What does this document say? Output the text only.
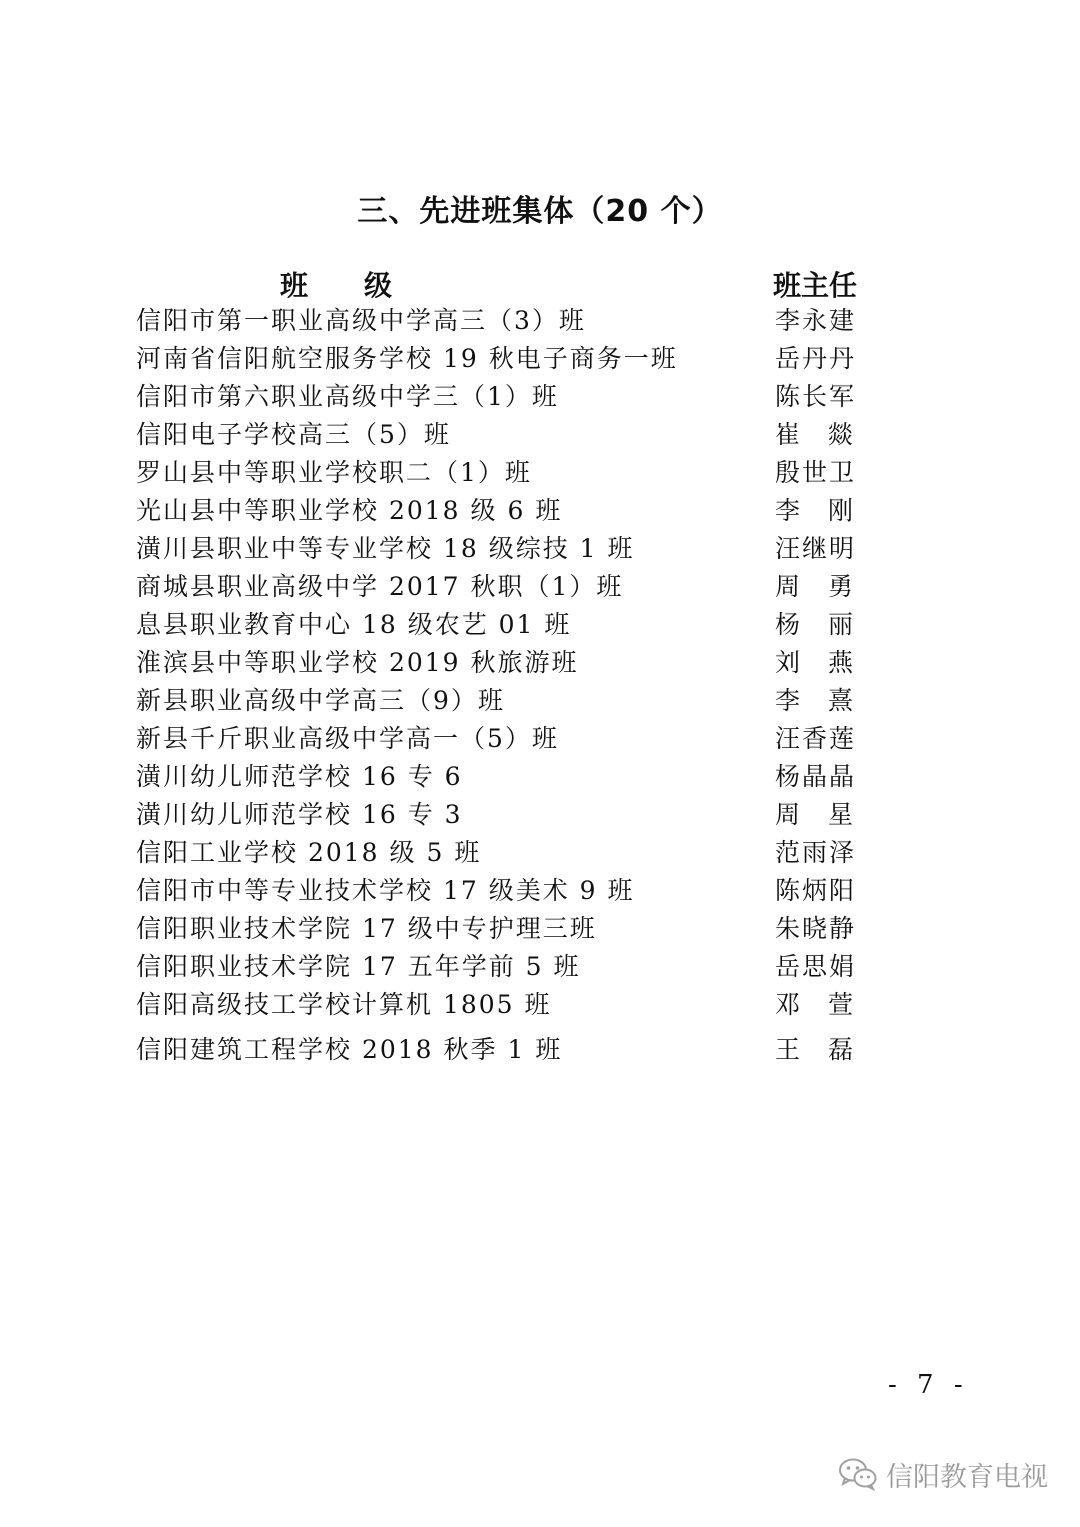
三、先进班集体（20 个）
班级	班主任
信阳市第一职业高级中学高三（3）班	李永建
河南省信阳航空服务学校 19 秋电子商务一班	岳丹丹
信阳市第六职业高级中学三（1）班	陈长军
信阳电子学校高三（5）班	崔燚
罗山县中等职业学校职二（1）班	殷世卫
光山县中等职业学校 2018 级 6 班	李刚
潢川县职业中等专业学校 18 级综技 1 班	汪继明
商城县职业高级中学 2017 秋职（1）班	周勇
息县职业教育中心 18 级农艺 01 班	杨丽
淮滨县中等职业学校 2019 秋旅游班	刘燕
新县职业高级中学高三（9）班	李熹
新县千斤职业高级中学高一（5）班	汪香莲
潢川幼儿师范学校 16 专 6	杨晶晶
潢川幼儿师范学校 16 专 3	周星
信阳工业学校 2018 级 5 班	范雨泽
信阳市中等专业技术学校 17 级美术 9 班	陈炳阳
信阳职业技术学院 17 级中专护理三班	朱晓静
信阳职业技术学院 17 五年学前 5 班	岳思娟
信阳高级技工学校计算机 1805 班	邓萱
信阳建筑工程学校 2018 秋季 1 班	王磊
- 7 -
信阳教育电视
